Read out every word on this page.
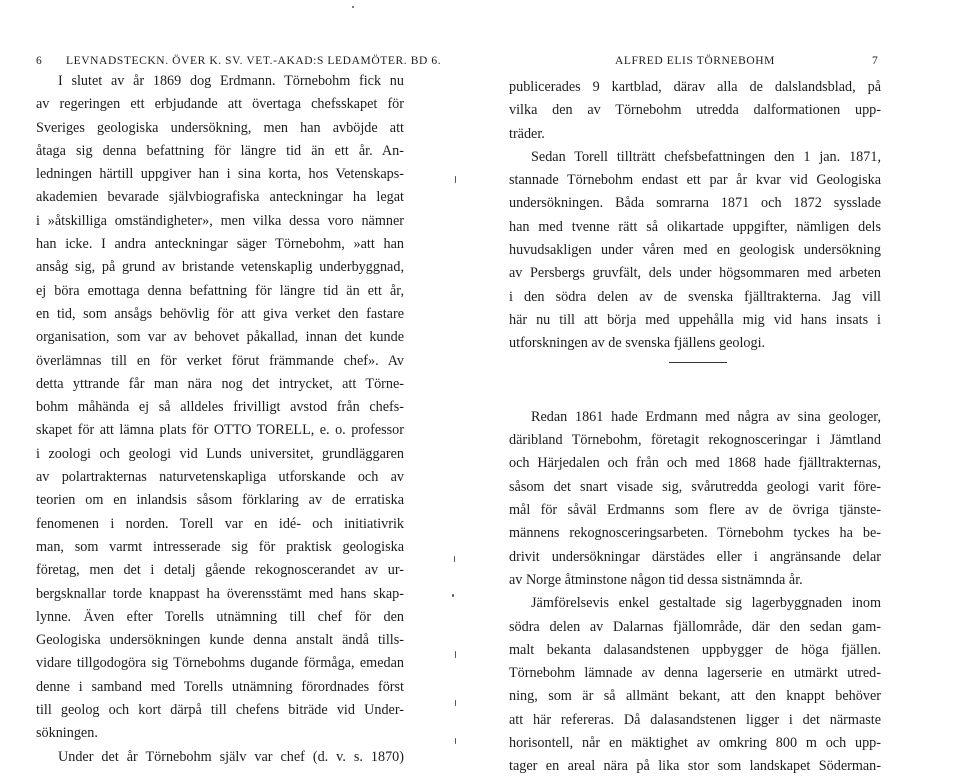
6 LEVNADSTECKN. ÖVER K. SV. VET.-AKAD:S LEDAMÖTER. BD 6.
I slutet av år 1869 dog Erdmann. Törnebohm fick nu
av regeringen ett erbjudande att övertaga chefsskapet för
Sveriges geologiska undersökning, men han avböjde att
åtaga sig denna befattning för längre tid än ett år. An-
ledningen härtill uppgiver han i sina korta, hos Vetenskaps-
akademien bevarade självbiografiska anteckningar ha legat
i »åtskilliga omständigheter», men vilka dessa voro nämner
han icke. I andra anteckningar säger Törnebohm, »att han
ansåg sig, på grund av bristande vetenskaplig underbyggnad,
ej böra emottaga denna befattning för längre tid än ett år,
en tid, som ansågs behövlig för att giva verket den fastare
organisation, som var av behovet påkallad, innan det kunde
överlämnas till en för verket förut främmande chef». Av
detta yttrande får man nära nog det intrycket, att Törne-
bohm måhända ej så alldeles frivilligt avstod från chefs-
skapet för att lämna plats för OTTO TORELL, e. o. professor
i zoologi och geologi vid Lunds universitet, grundläggaren
av polartrakternas naturvetenskapliga utforskande och av
teorien om en inlandsis såsom förklaring av de erratiska
fenomenen i norden. Torell var en idé- och initiativrik
man, som varmt intresserade sig för praktisk geologiska
företag, men det i detalj gående rekognoscerandet av ur-
bergsknallar torde knappast ha överensstämt med hans skap-
lynne. Även efter Torells utnämning till chef för den
Geologiska undersökningen kunde denna anstalt ändå tills-
vidare tillgodogöra sig Törnebohms dugande förmåga, emedan
denne i samband med Torells utnämning förordnades först
till geolog och kort därpå till chefens biträde vid Under-
sökningen.
Under det år Törnebohm själv var chef (d. v. s. 1870)
ALFRED ELIS TÖRNEBOHM	7
publicerades 9 kartblad, därav alla de dalslandsblad, på
vilka den av Törnebohm utredda dalformationen upp-
träder.
Sedan Torell tillträtt chefsbefattningen den 1 jan. 1871,
stannade Törnebohm endast ett par år kvar vid Geologiska
undersökningen. Båda somrarna 1871 och 1872 sysslade
han med tvenne rätt så olikartade uppgifter, nämligen dels
huvudsakligen under våren med en geologisk undersökning
av Persbergs gruvfält, dels under högsommaren med arbeten
i den södra delen av de svenska fjälltrakterna. Jag vill
här nu till att börja med uppehålla mig vid hans insats i
utforskningen av de svenska fjällens geologi.
Redan 1861 hade Erdmann med några av sina geologer,
däribland Törnebohm, företagit rekognosceringar i Jämtland
och Härjedalen och från och med 1868 hade fjälltrakternas,
såsom det snart visade sig, svårutredda geologi varit före-
mål för såväl Erdmanns som flere av de övriga tjänste-
männens rekognosceringsarbeten. Törnebohm tyckes ha be-
drivit undersökningar därstädes eller i angränsande delar
av Norge åtminstone någon tid dessa sistnämnda år.
Jämförelsevis enkel gestaltade sig lagerbyggnaden inom
södra delen av Dalarnas fjällområde, där den sedan gam-
malt bekanta dalasandstenen uppbygger de höga fjällen.
Törnebohm lämnade av denna lagerserie en utmärkt utred-
ning, som är så allmänt bekant, att den knappt behöver
att här refereras. Då dalasandstenen ligger i det närmaste
horisontell, når en mäktighet av omkring 800 m och upp-
tager en areal nära på lika stor som landskapet Söderman-
